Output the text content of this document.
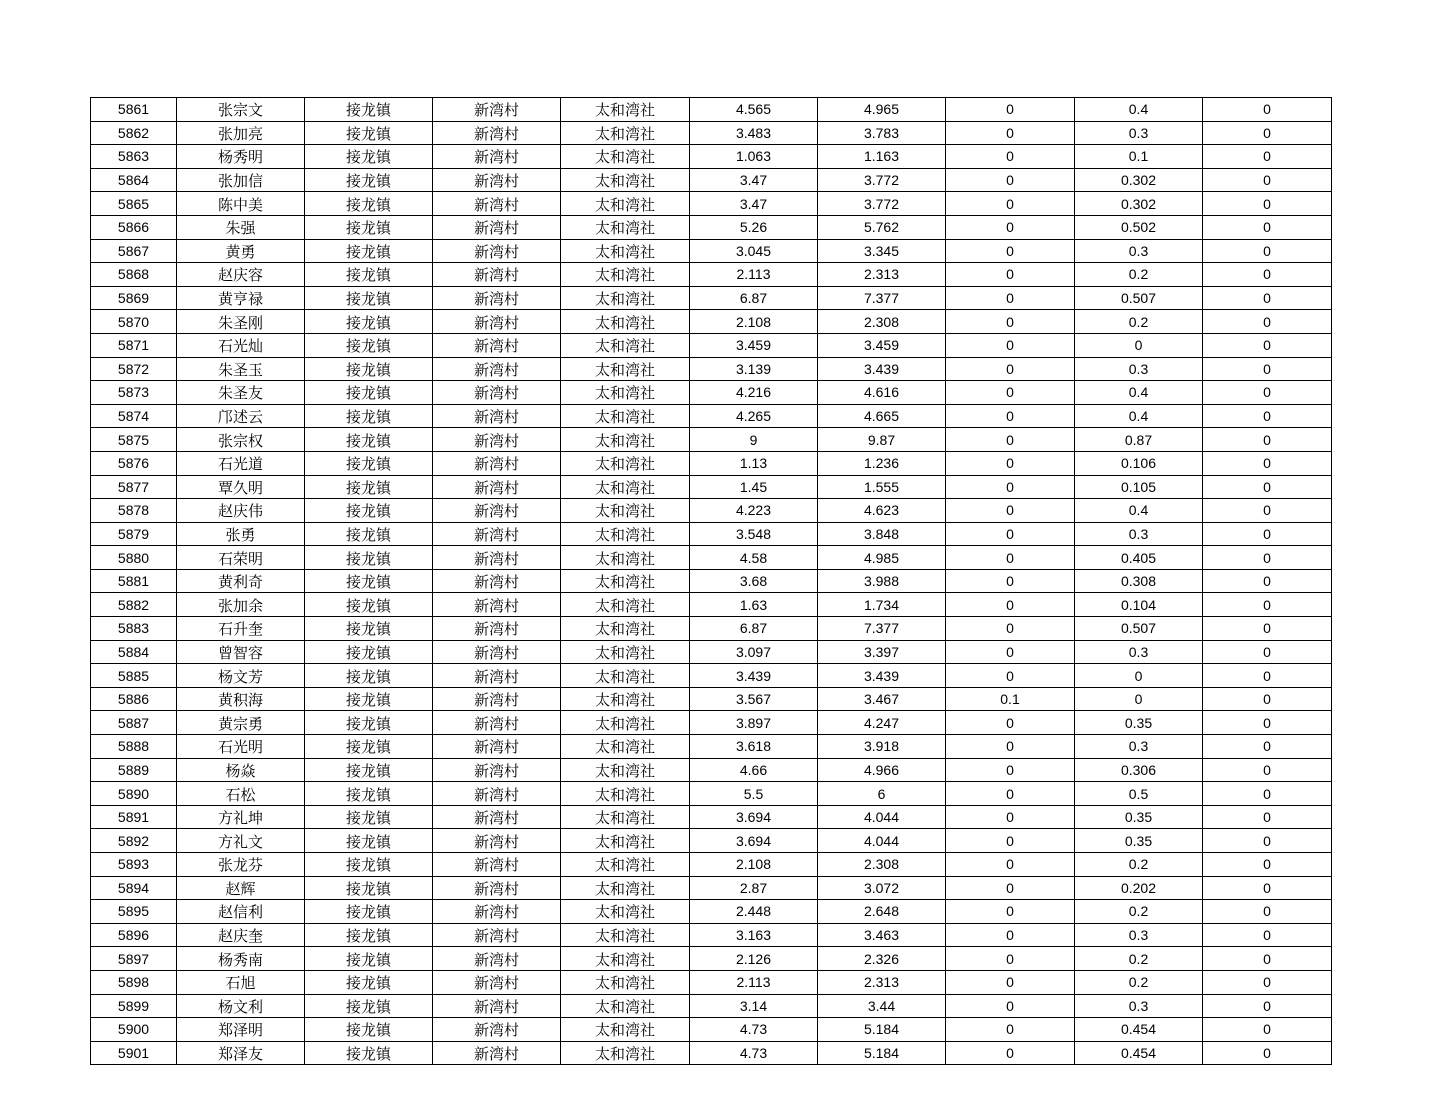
5861	张宗文	接龙镇	新湾村	太和湾社	4.565	4.965	0	0.4	0
5862	张加亮	接龙镇	新湾村	太和湾社	3.483	3.783	0	0.3	0
5863	杨秀明	接龙镇	新湾村	太和湾社	1.063	1.163	0	0.1	0
5864	张加信	接龙镇	新湾村	太和湾社	3.47	3.772	0	0.302	0
5865	陈中美	接龙镇	新湾村	太和湾社	3.47	3.772	0	0.302	0
5866	朱强	接龙镇	新湾村	太和湾社	5.26	5.762	0	0.502	0
5867	黄勇	接龙镇	新湾村	太和湾社	3.045	3.345	0	0.3	0
5868	赵庆容	接龙镇	新湾村	太和湾社	2.113	2.313	0	0.2	0
5869	黄亨禄	接龙镇	新湾村	太和湾社	6.87	7.377	0	0.507	0
5870	朱圣刚	接龙镇	新湾村	太和湾社	2.108	2.308	0	0.2	0
5871	石光灿	接龙镇	新湾村	太和湾社	3.459	3.459	0	0	0
5872	朱圣玉	接龙镇	新湾村	太和湾社	3.139	3.439	0	0.3	0
5873	朱圣友	接龙镇	新湾村	太和湾社	4.216	4.616	0	0.4	0
5874	邝述云	接龙镇	新湾村	太和湾社	4.265	4.665	0	0.4	0
5875	张宗权	接龙镇	新湾村	太和湾社	9	9.87	0	0.87	0
5876	石光道	接龙镇	新湾村	太和湾社	1.13	1.236	0	0.106	0
5877	覃久明	接龙镇	新湾村	太和湾社	1.45	1.555	0	0.105	0
5878	赵庆伟	接龙镇	新湾村	太和湾社	4.223	4.623	0	0.4	0
5879	张勇	接龙镇	新湾村	太和湾社	3.548	3.848	0	0.3	0
5880	石荣明	接龙镇	新湾村	太和湾社	4.58	4.985	0	0.405	0
5881	黄利奇	接龙镇	新湾村	太和湾社	3.68	3.988	0	0.308	0
5882	张加余	接龙镇	新湾村	太和湾社	1.63	1.734	0	0.104	0
5883	石升奎	接龙镇	新湾村	太和湾社	6.87	7.377	0	0.507	0
5884	曾智容	接龙镇	新湾村	太和湾社	3.097	3.397	0	0.3	0
5885	杨文芳	接龙镇	新湾村	太和湾社	3.439	3.439	0	0	0
5886	黄积海	接龙镇	新湾村	太和湾社	3.567	3.467	0.1	0	0
5887	黄宗勇	接龙镇	新湾村	太和湾社	3.897	4.247	0	0.35	0
5888	石光明	接龙镇	新湾村	太和湾社	3.618	3.918	0	0.3	0
5889	杨焱	接龙镇	新湾村	太和湾社	4.66	4.966	0	0.306	0
5890	石松	接龙镇	新湾村	太和湾社	5.5	6	0	0.5	0
5891	方礼坤	接龙镇	新湾村	太和湾社	3.694	4.044	0	0.35	0
5892	方礼文	接龙镇	新湾村	太和湾社	3.694	4.044	0	0.35	0
5893	张龙芬	接龙镇	新湾村	太和湾社	2.108	2.308	0	0.2	0
5894	赵辉	接龙镇	新湾村	太和湾社	2.87	3.072	0	0.202	0
5895	赵信利	接龙镇	新湾村	太和湾社	2.448	2.648	0	0.2	0
5896	赵庆奎	接龙镇	新湾村	太和湾社	3.163	3.463	0	0.3	0
5897	杨秀南	接龙镇	新湾村	太和湾社	2.126	2.326	0	0.2	0
5898	石旭	接龙镇	新湾村	太和湾社	2.113	2.313	0	0.2	0
5899	杨文利	接龙镇	新湾村	太和湾社	3.14	3.44	0	0.3	0
5900	郑泽明	接龙镇	新湾村	太和湾社	4.73	5.184	0	0.454	0
5901	郑泽友	接龙镇	新湾村	太和湾社	4.73	5.184	0	0.454	0
